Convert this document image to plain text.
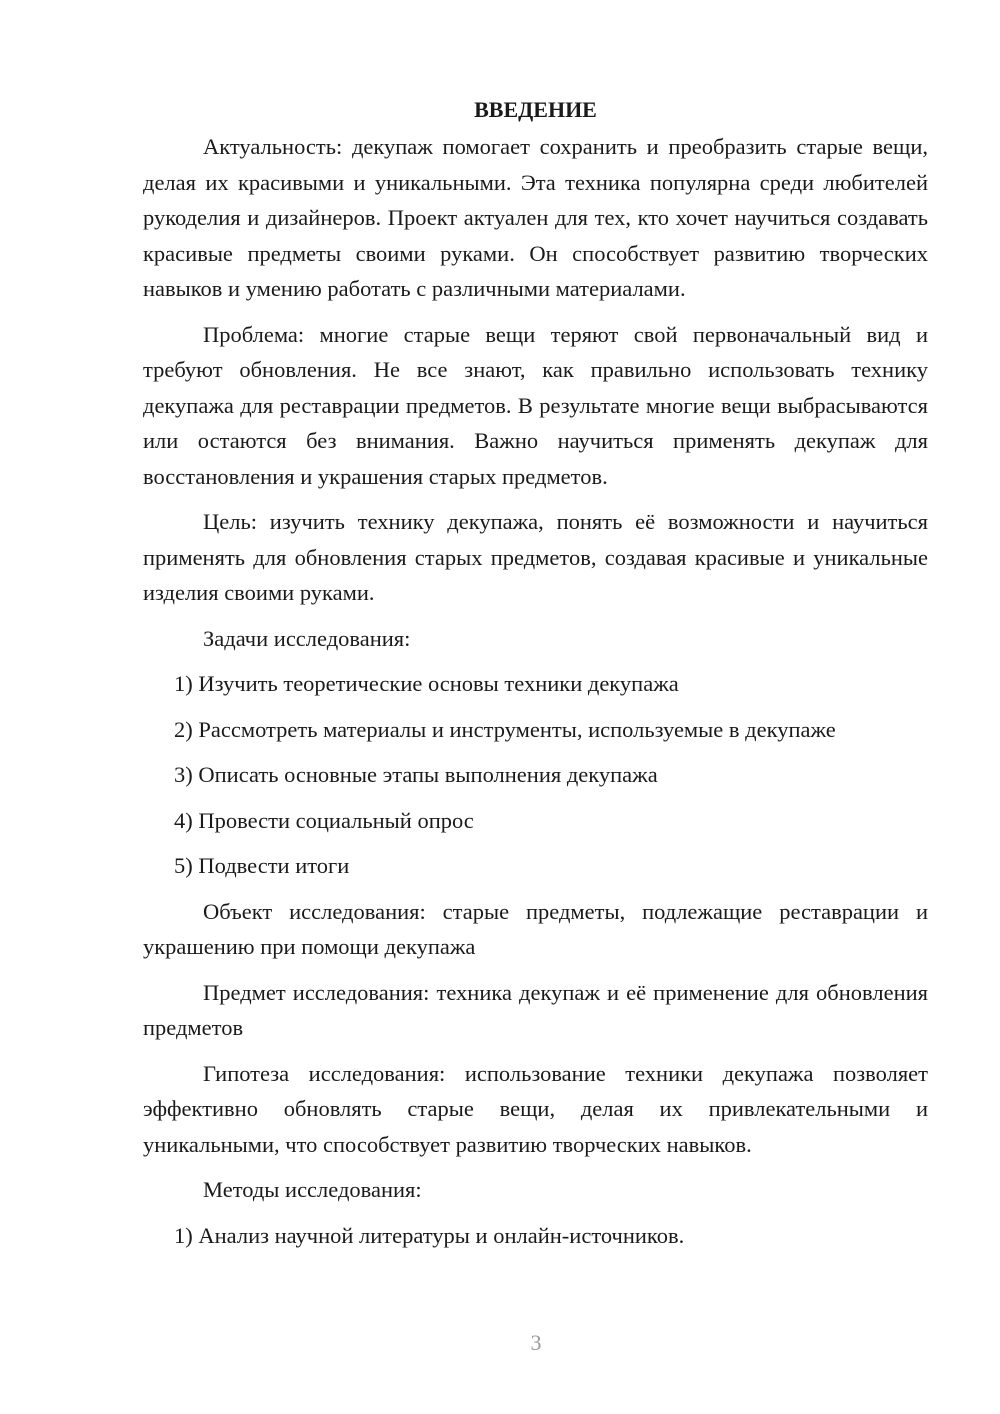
ВВЕДЕНИЕ

Актуальность: декупаж помогает сохранить и преобразить старые вещи, делая их красивыми и уникальными. Эта техника популярна среди любителей рукоделия и дизайнеров. Проект актуален для тех, кто хочет научиться создавать красивые предметы своими руками. Он способствует развитию творческих навыков и умению работать с различными материалами.

Проблема: многие старые вещи теряют свой первоначальный вид и требуют обновления. Не все знают, как правильно использовать технику декупажа для реставрации предметов. В результате многие вещи выбрасываются или остаются без внимания. Важно научиться применять декупаж для восстановления и украшения старых предметов.

Цель: изучить технику декупажа, понять её возможности и научиться применять для обновления старых предметов, создавая красивые и уникальные изделия своими руками.

Задачи исследования:

1) Изучить теоретические основы техники декупажа
2) Рассмотреть материалы и инструменты, используемые в декупаже
3) Описать основные этапы выполнения декупажа
4) Провести социальный опрос
5) Подвести итоги

Объект исследования: старые предметы, подлежащие реставрации и украшению при помощи декупажа

Предмет исследования: техника декупаж и её применение для обновления предметов

Гипотеза исследования: использование техники декупажа позволяет эффективно обновлять старые вещи, делая их привлекательными и уникальными, что способствует развитию творческих навыков.

Методы исследования:

1) Анализ научной литературы и онлайн-источников.
3
